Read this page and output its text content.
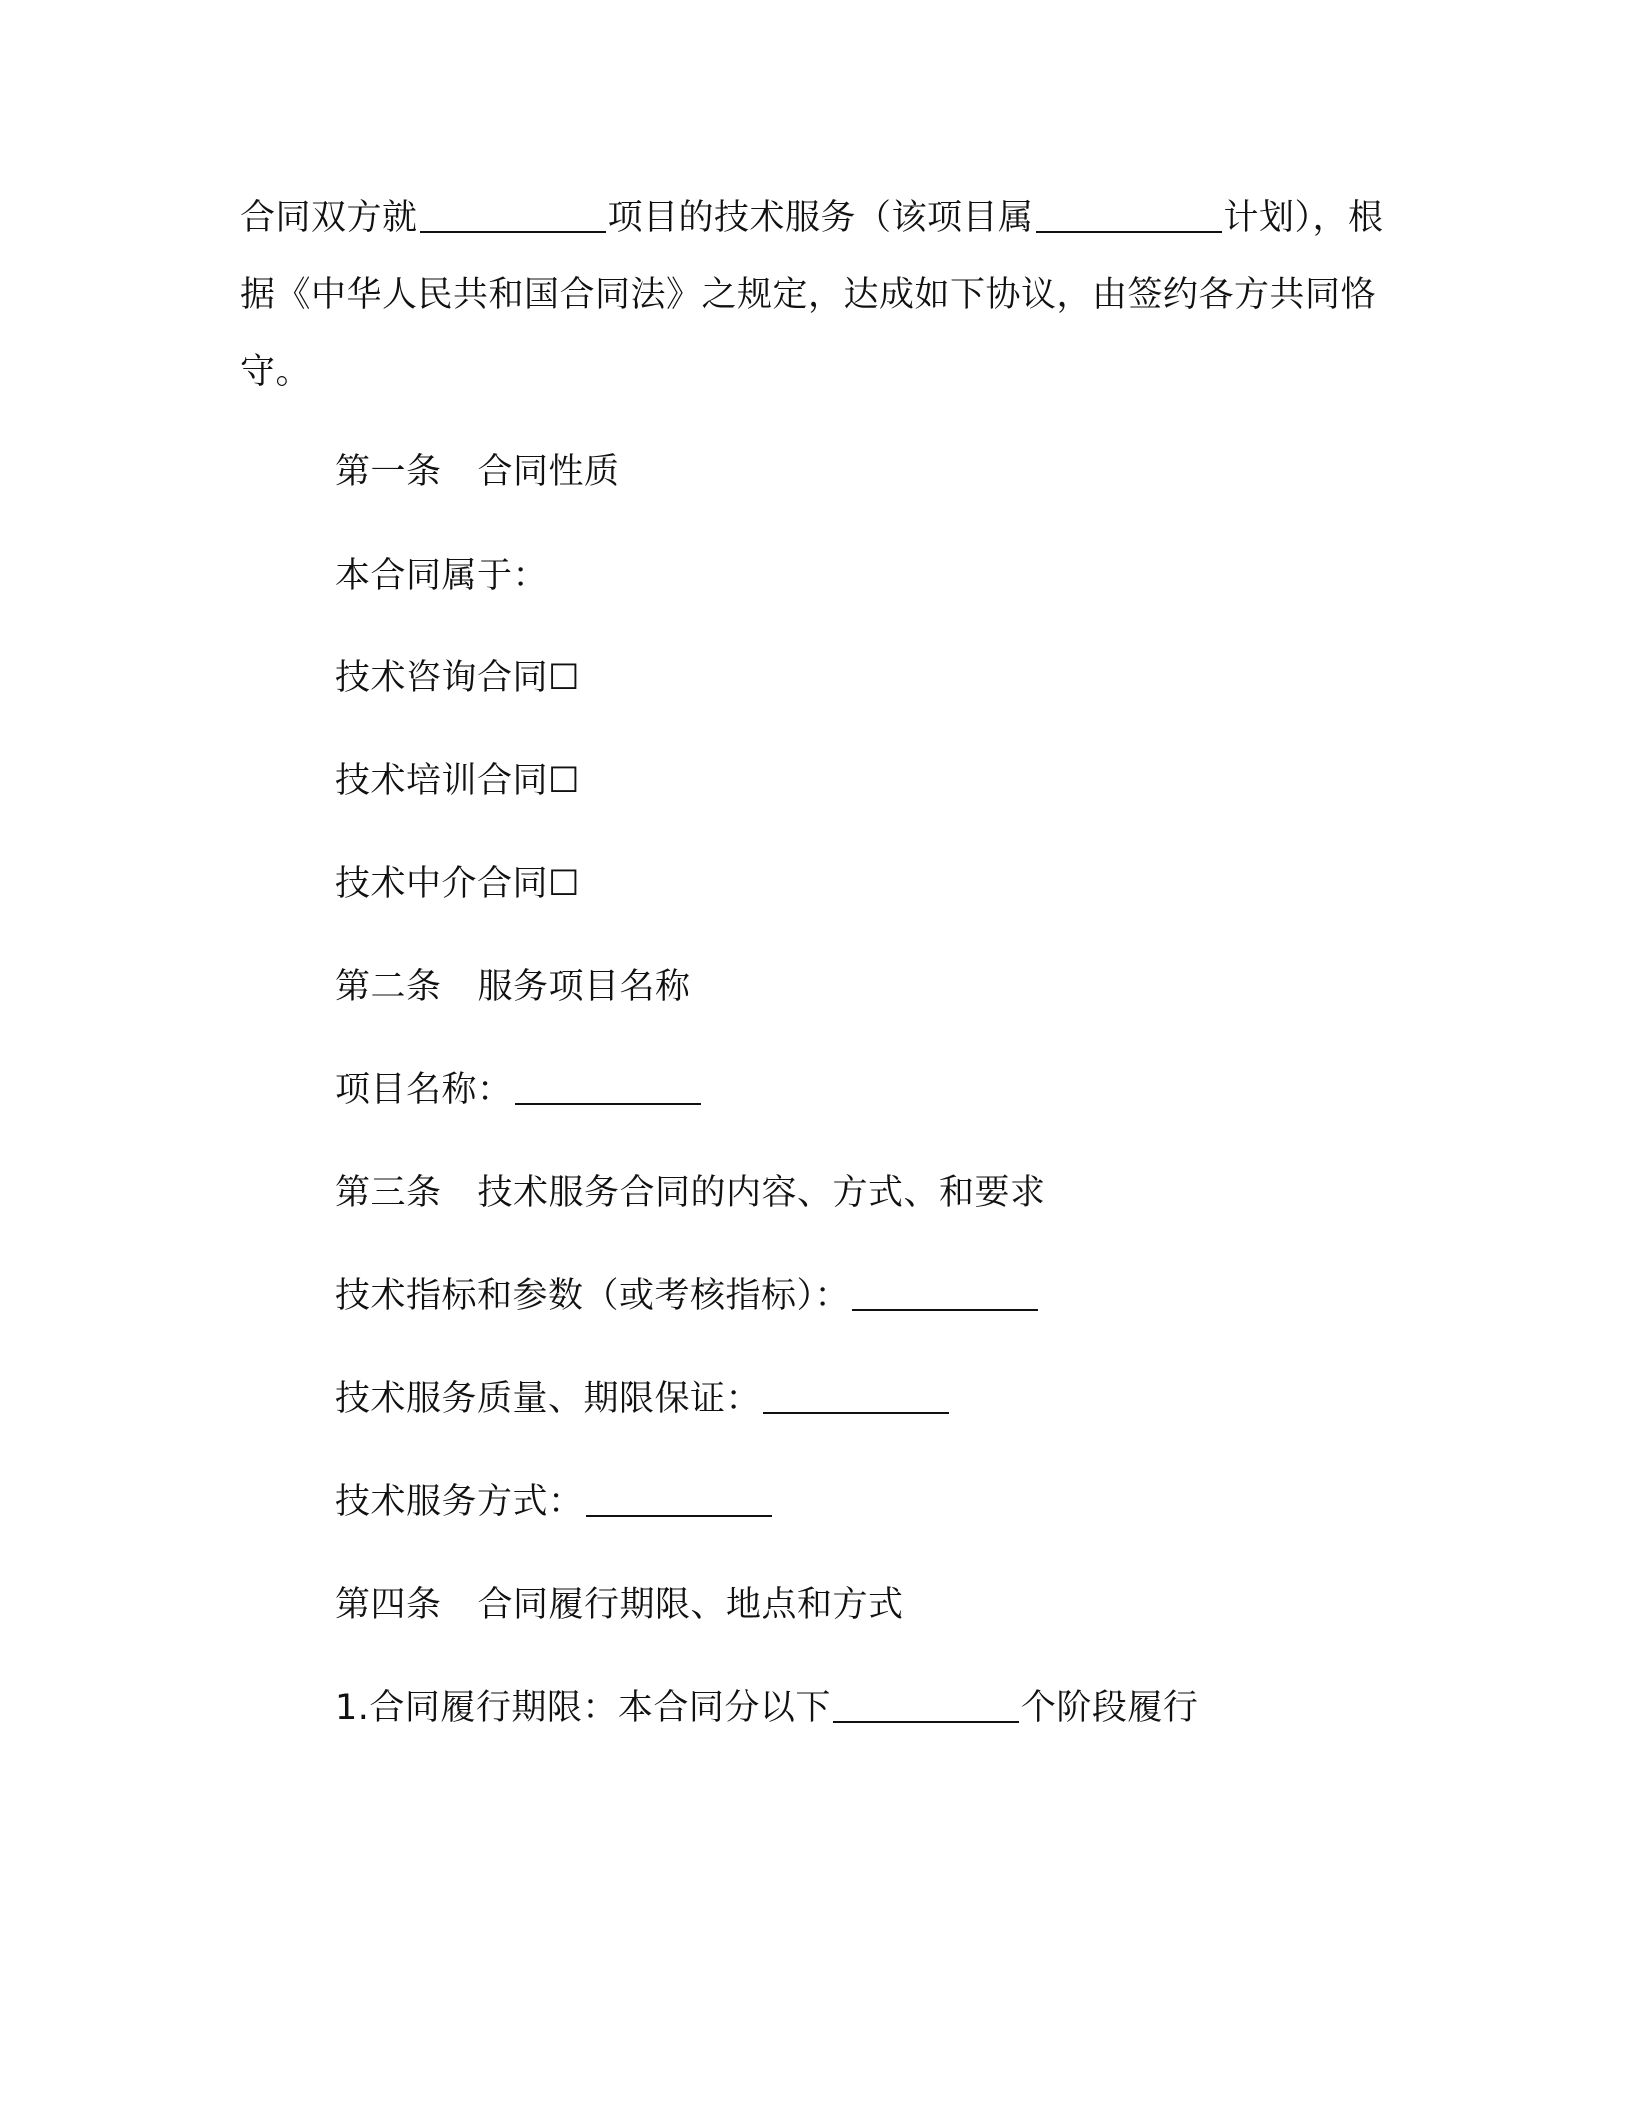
合同双方就	项目的技术服务（该项目属	计划），根据《中华人民共和国合同法》之规定，达成如下协议，由签约各方共同恪守。
第一条 合同性质
本合同属于：
技术咨询合同☐
技术培训合同☐
技术中介合同☐
第二条 服务项目名称
项目名称：
第三条 技术服务合同的内容、方式、和要求
技术指标和参数（或考核指标）：
技术服务质量、期限保证：
技术服务方式：
第四条 合同履行期限、地点和方式
1.合同履行期限：本合同分以下	个阶段履行
